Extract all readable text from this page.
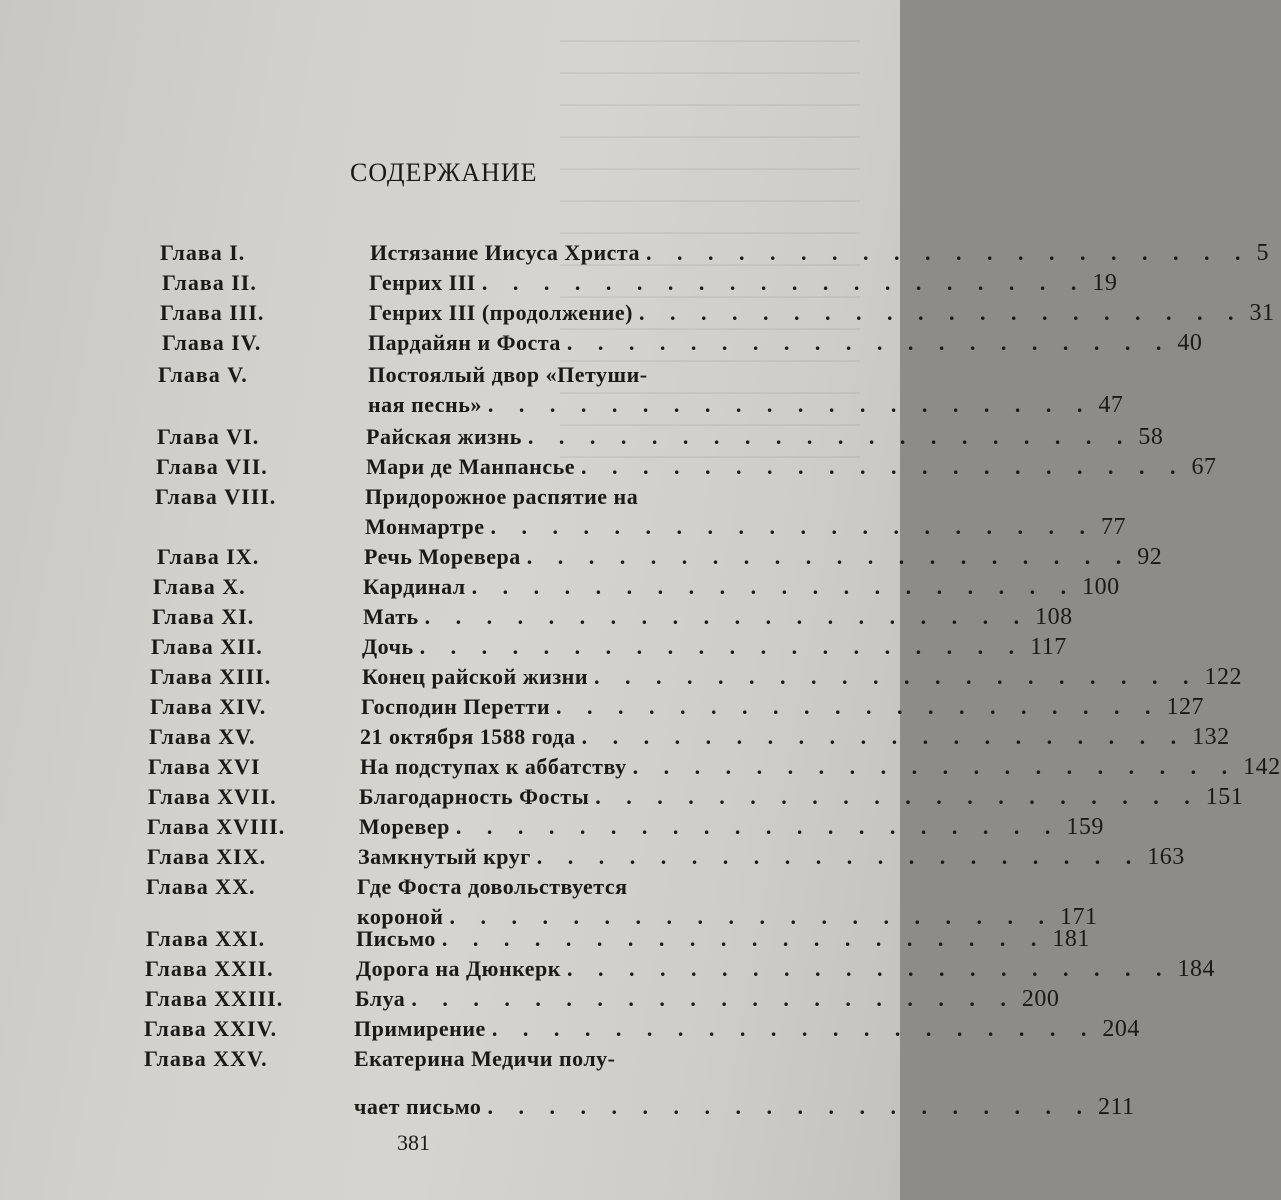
СОДЕРЖАНИЕ
Глава I.	Истязание Иисуса Христа . . . . . . . . . . . . . . . . . . . . 5
Глава II.	Генрих III . . . . . . . . . . . . . . . . . . . . 19
Глава III.	Генрих III (продолжение) . . . . . . . . . . . . . . . . . . . . 31
Глава IV.	Пардайян и Фоста . . . . . . . . . . . . . . . . . . . . 40
Глава V.	Постоялый двор «Петуши-
ная песнь» . . . . . . . . . . . . . . . . . . . . 47
Глава VI.	Райская жизнь . . . . . . . . . . . . . . . . . . . . 58
Глава VII.	Мари де Манпансье . . . . . . . . . . . . . . . . . . . . 67
Глава VIII.	Придорожное распятие на
Монмартре . . . . . . . . . . . . . . . . . . . . 77
Глава IX.	Речь Моревера . . . . . . . . . . . . . . . . . . . . 92
Глава X.	Кардинал . . . . . . . . . . . . . . . . . . . . 100
Глава XI.	Мать . . . . . . . . . . . . . . . . . . . . 108
Глава XII.	Дочь . . . . . . . . . . . . . . . . . . . . 117
Глава XIII.	Конец райской жизни . . . . . . . . . . . . . . . . . . . . 122
Глава XIV.	Господин Перетти . . . . . . . . . . . . . . . . . . . . 127
Глава XV.	21 октября 1588 года . . . . . . . . . . . . . . . . . . . . 132
Глава XVI	На подступах к аббатству . . . . . . . . . . . . . . . . . . . . 142
Глава XVII.	Благодарность Фосты . . . . . . . . . . . . . . . . . . . . 151
Глава XVIII.	Моревер . . . . . . . . . . . . . . . . . . . . 159
Глава XIX.	Замкнутый круг . . . . . . . . . . . . . . . . . . . . 163
Глава XX.	Где Фоста довольствуется
короной . . . . . . . . . . . . . . . . . . . . 171
Глава XXI.	Письмо . . . . . . . . . . . . . . . . . . . . 181
Глава XXII.	Дорога на Дюнкерк . . . . . . . . . . . . . . . . . . . . 184
Глава XXIII.	Блуа . . . . . . . . . . . . . . . . . . . . 200
Глава XXIV.	Примирение . . . . . . . . . . . . . . . . . . . . 204
Глава XXV.	Екатерина Медичи полу-
чает письмо . . . . . . . . . . . . . . . . . . . . 211
381
